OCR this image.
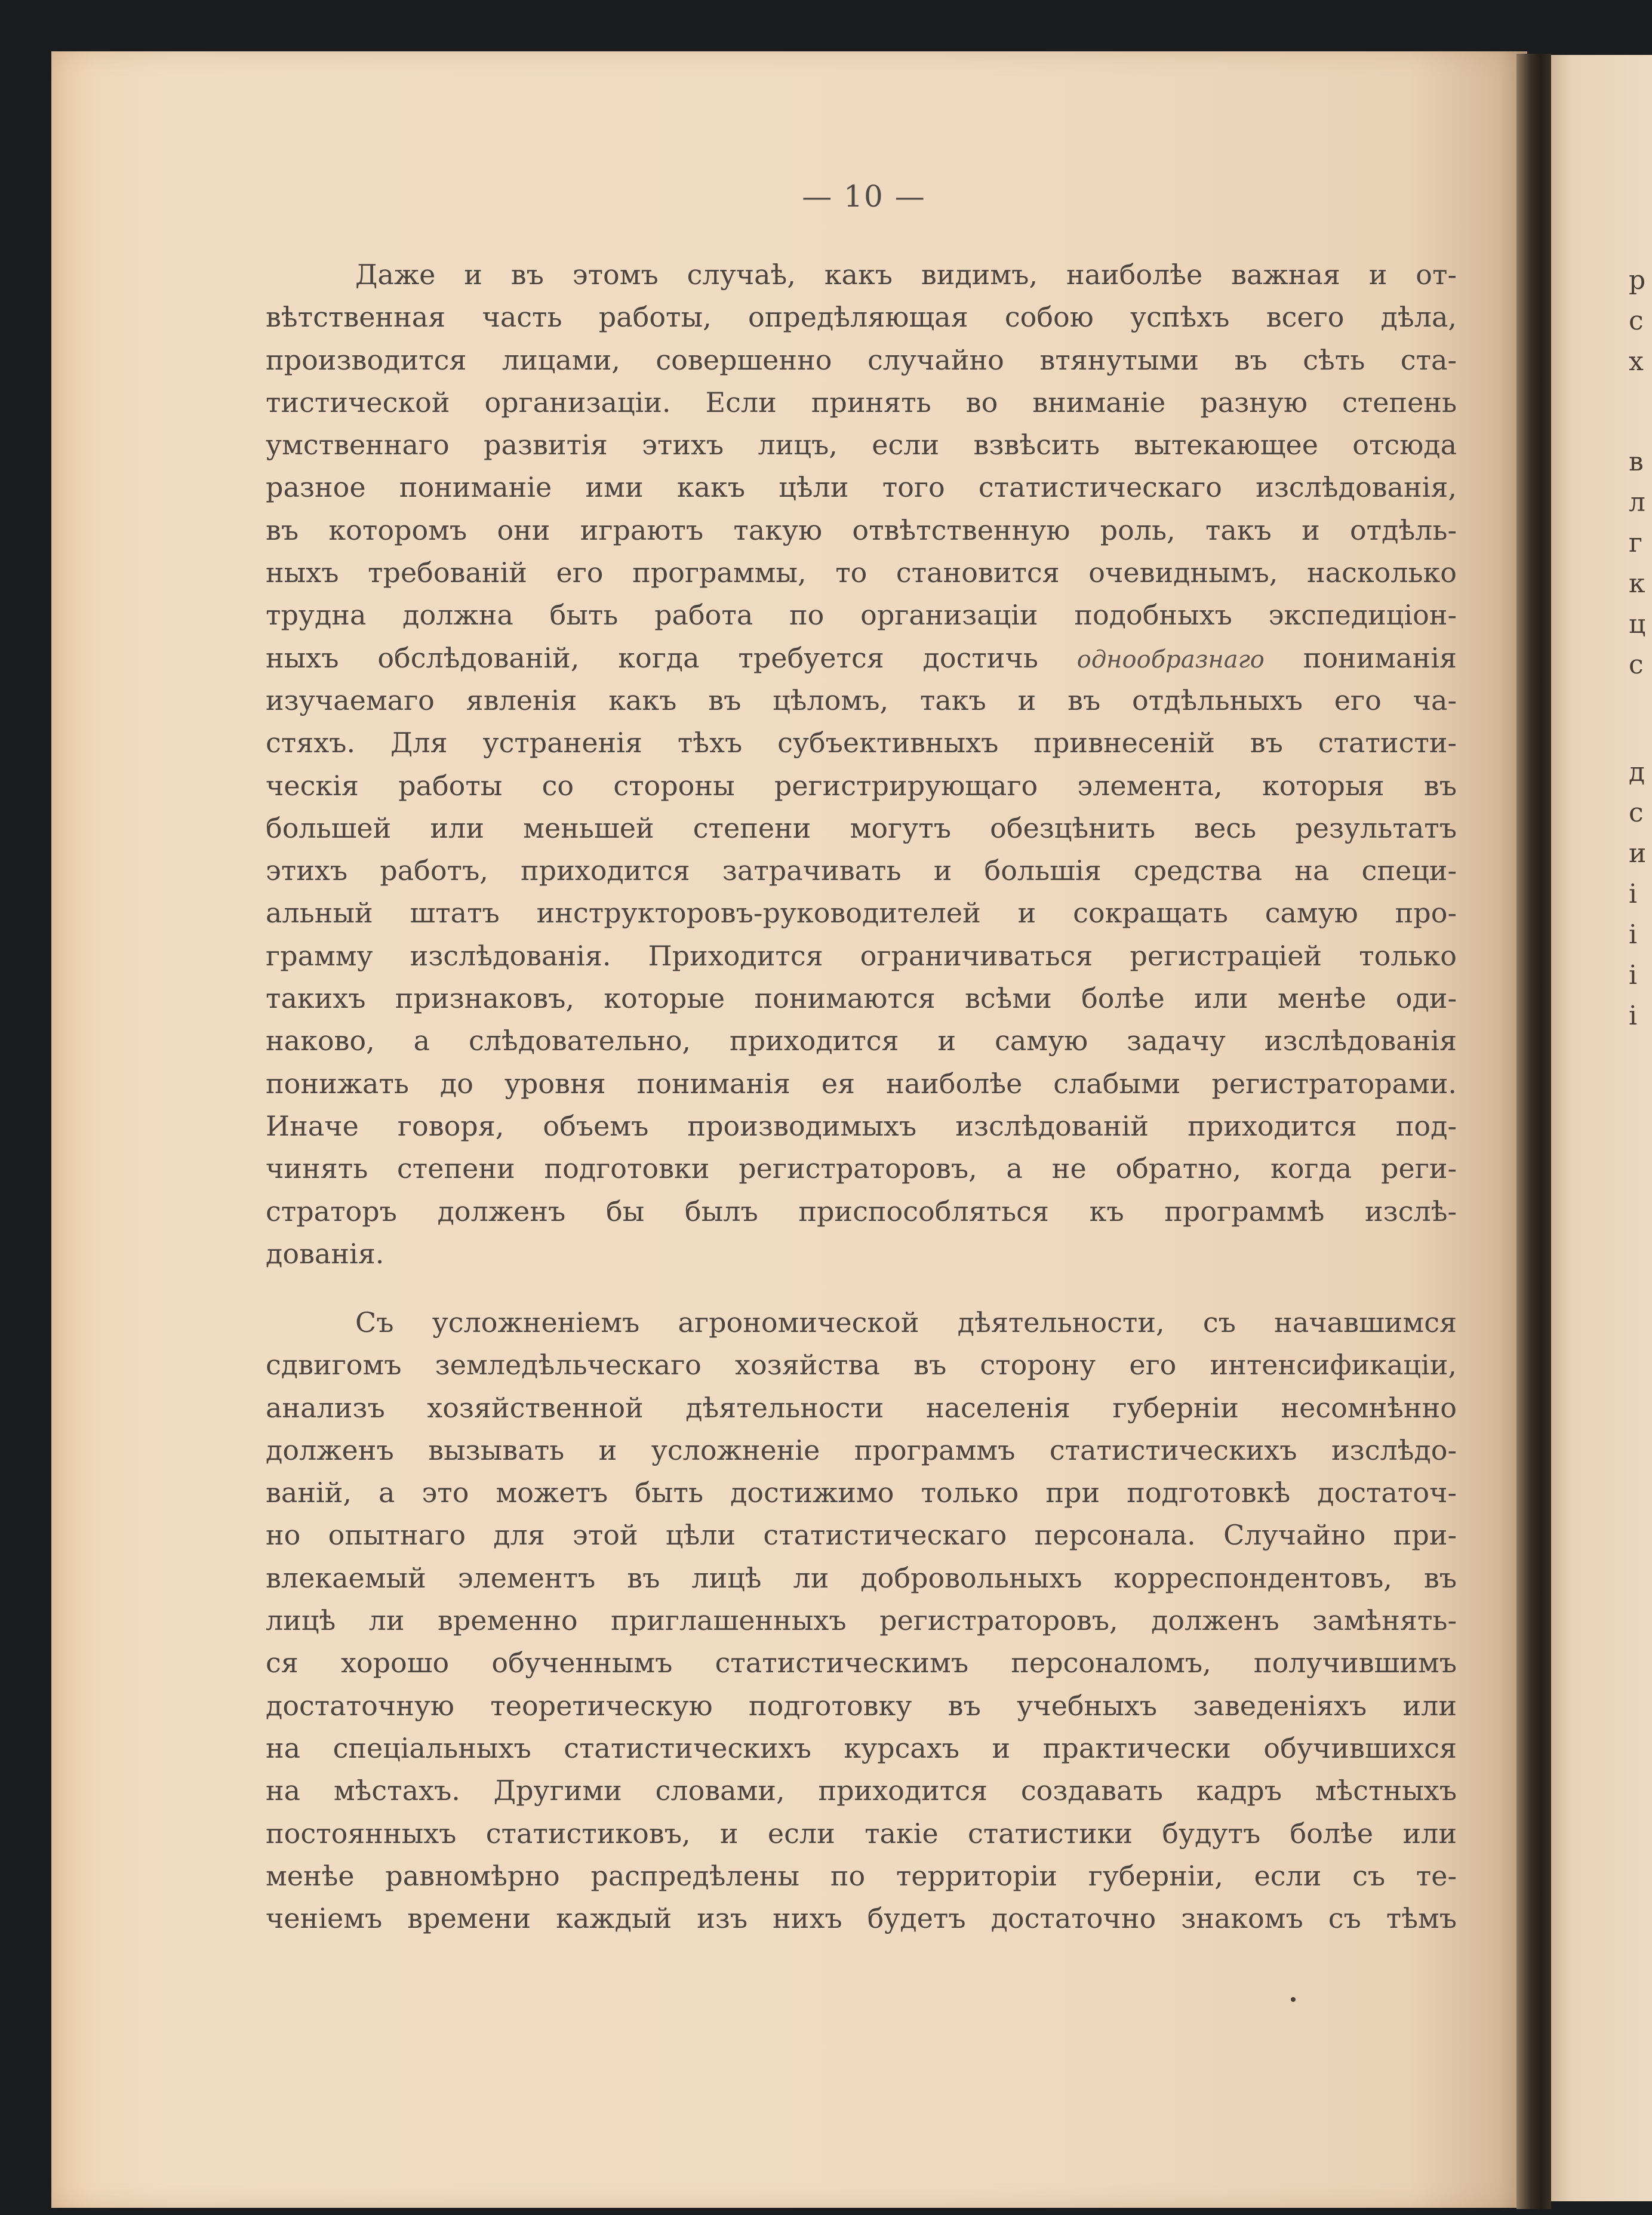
р
с
х
в
л
г
к
ц
с
д
с
и
і
і
і
і
— 10 —
Даже и въ этомъ случаѣ, какъ видимъ, наиболѣе важная и от-
вѣтственная часть работы, опредѣляющая собою успѣхъ всего дѣла,
производится лицами, совершенно случайно втянутыми въ сѣть ста-
тистической организаціи. Если принять во вниманіе разную степень
умственнаго развитія этихъ лицъ, если взвѣсить вытекающее отсюда
разное пониманіе ими какъ цѣли того статистическаго изслѣдованія,
въ которомъ они играютъ такую отвѣтственную роль, такъ и отдѣль-
ныхъ требованій его программы, то становится очевиднымъ, насколько
трудна должна быть работа по организаціи подобныхъ экспедиціон-
ныхъ обслѣдованій, когда требуется достичь однообразнаго пониманія
изучаемаго явленія какъ въ цѣломъ, такъ и въ отдѣльныхъ его ча-
стяхъ. Для устраненія тѣхъ субъективныхъ привнесеній въ статисти-
ческія работы со стороны регистрирующаго элемента, которыя въ
большей или меньшей степени могутъ обезцѣнить весь результатъ
этихъ работъ, приходится затрачивать и большія средства на специ-
альный штатъ инструкторовъ-руководителей и сокращать самую про-
грамму изслѣдованія. Приходится ограничиваться регистраціей только
такихъ признаковъ, которые понимаются всѣми болѣе или менѣе оди-
наково, а слѣдовательно, приходится и самую задачу изслѣдованія
понижать до уровня пониманія ея наиболѣе слабыми регистраторами.
Иначе говоря, объемъ производимыхъ изслѣдованій приходится под-
чинять степени подготовки регистраторовъ, а не обратно, когда реги-
страторъ долженъ бы былъ приспособляться къ программѣ изслѣ-
дованія.
Съ усложненіемъ агрономической дѣятельности, съ начавшимся
сдвигомъ земледѣльческаго хозяйства въ сторону его интенсификаціи,
анализъ хозяйственной дѣятельности населенія губерніи несомнѣнно
долженъ вызывать и усложненіе программъ статистическихъ изслѣдо-
ваній, а это можетъ быть достижимо только при подготовкѣ достаточ-
но опытнаго для этой цѣли статистическаго персонала. Случайно при-
влекаемый элементъ въ лицѣ ли добровольныхъ корреспондентовъ, въ
лицѣ ли временно приглашенныхъ регистраторовъ, долженъ замѣнять-
ся хорошо обученнымъ статистическимъ персоналомъ, получившимъ
достаточную теоретическую подготовку въ учебныхъ заведеніяхъ или
на спеціальныхъ статистическихъ курсахъ и практически обучившихся
на мѣстахъ. Другими словами, приходится создавать кадръ мѣстныхъ
постоянныхъ статистиковъ, и если такіе статистики будутъ болѣе или
менѣе равномѣрно распредѣлены по территоріи губерніи, если съ те-
ченіемъ времени каждый изъ нихъ будетъ достаточно знакомъ съ тѣмъ
